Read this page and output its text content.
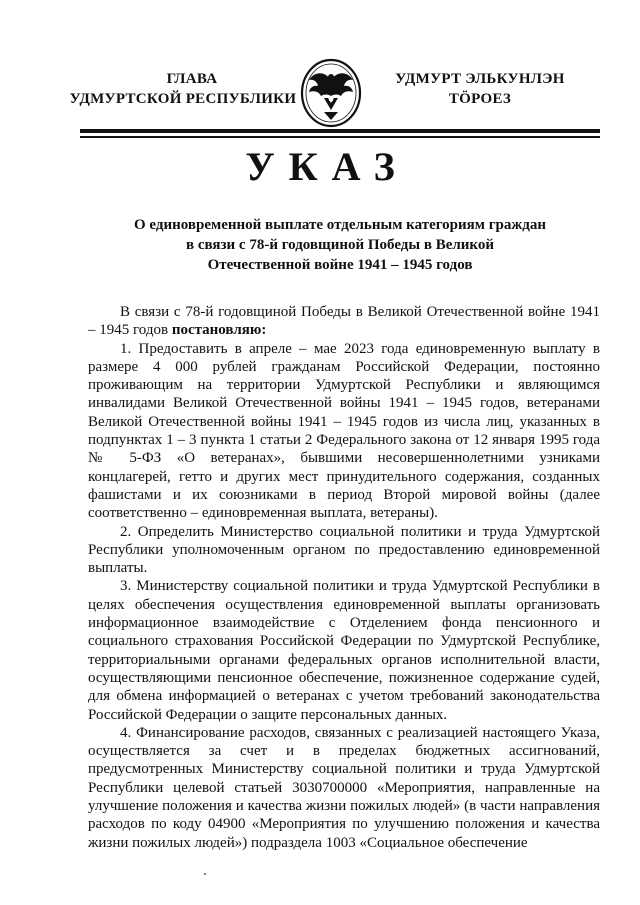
ГЛАВА
УДМУРТСКОЙ РЕСПУБЛИКИ
УДМУРТ ЭЛЬКУНЛЭН
ТÖРОЕЗ
УКАЗ
О единовременной выплате отдельным категориям граждан
в связи с 78-й годовщиной Победы в Великой
Отечественной войне 1941 – 1945 годов

В связи с 78-й годовщиной Победы в Великой Отечественной войне 1941 – 1945 годов постановляю:

1. Предоставить в апреле – мае 2023 года единовременную выплату в размере 4 000 рублей гражданам Российской Федерации, постоянно проживающим на территории Удмуртской Республики и являющимся инвалидами Великой Отечественной войны 1941 – 1945 годов, ветеранами Великой Отечественной войны 1941 – 1945 годов из числа лиц, указанных в подпунктах 1 – 3 пункта 1 статьи 2 Федерального закона от 12 января 1995 года № 5-ФЗ «О ветеранах», бывшими несовершеннолетними узниками концлагерей, гетто и других мест принудительного содержания, созданных фашистами и их союзниками в период Второй мировой войны (далее соответственно – единовременная выплата, ветераны).

2. Определить Министерство социальной политики и труда Удмуртской Республики уполномоченным органом по предоставлению единовременной выплаты.

3. Министерству социальной политики и труда Удмуртской Республики в целях обеспечения осуществления единовременной выплаты организовать информационное взаимодействие с Отделением фонда пенсионного и социального страхования Российской Федерации по Удмуртской Республике, территориальными органами федеральных органов исполнительной власти, осуществляющими пенсионное обеспечение, пожизненное содержание судей, для обмена информацией о ветеранах с учетом требований законодательства Российской Федерации о защите персональных данных.

4. Финансирование расходов, связанных с реализацией настоящего Указа, осуществляется за счет и в пределах бюджетных ассигнований, предусмотренных Министерству социальной политики и труда Удмуртской Республики целевой статьей 3030700000 «Мероприятия, направленные на улучшение положения и качества жизни пожилых людей» (в части направления расходов по коду 04900 «Мероприятия по улучшению положения и качества жизни пожилых людей») подраздела 1003 «Социальное обеспечение
